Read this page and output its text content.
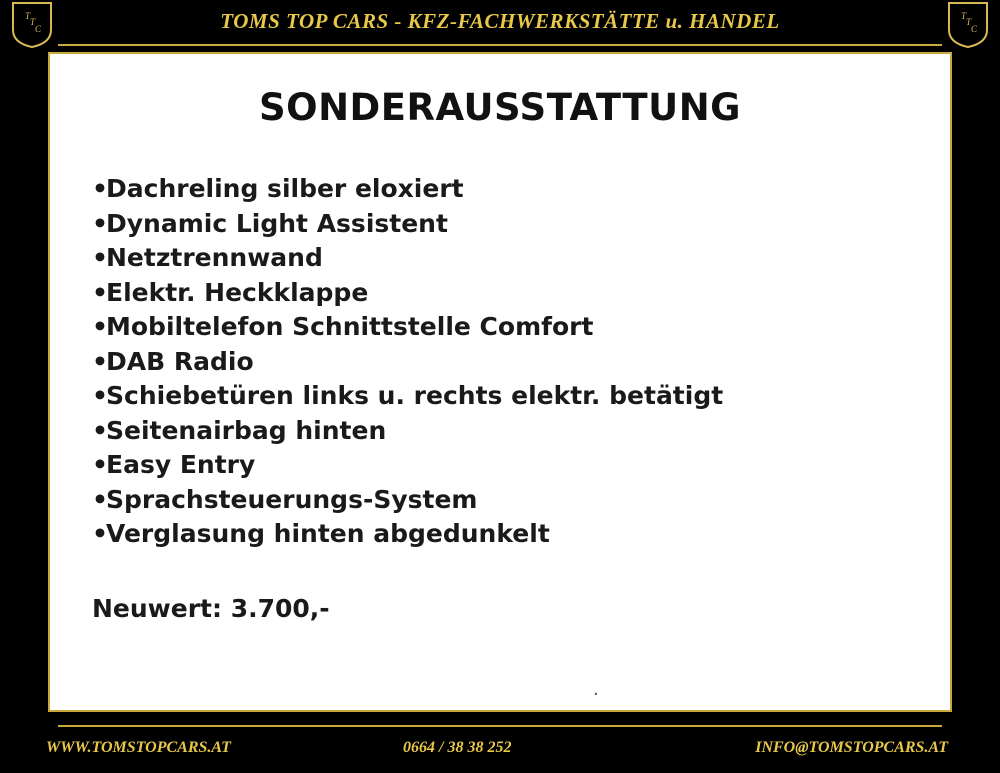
TOMS TOP CARS - KFZ-FACHWERKSTÄTTE u. HANDEL
T
T
C
T
T
C
SONDERAUSSTATTUNG
•Dachreling silber eloxiert
•Dynamic Light Assistent
•Netztrennwand
•Elektr. Heckklappe
•Mobiltelefon Schnittstelle Comfort
•DAB Radio
•Schiebetüren links u. rechts elektr. betätigt
•Seitenairbag hinten
•Easy Entry
•Sprachsteuerungs-System
•Verglasung hinten abgedunkelt
Neuwert: 3.700,-
.
WWW.TOMSTOPCARS.AT	0664 / 38 38 252	INFO@TOMSTOPCARS.AT
